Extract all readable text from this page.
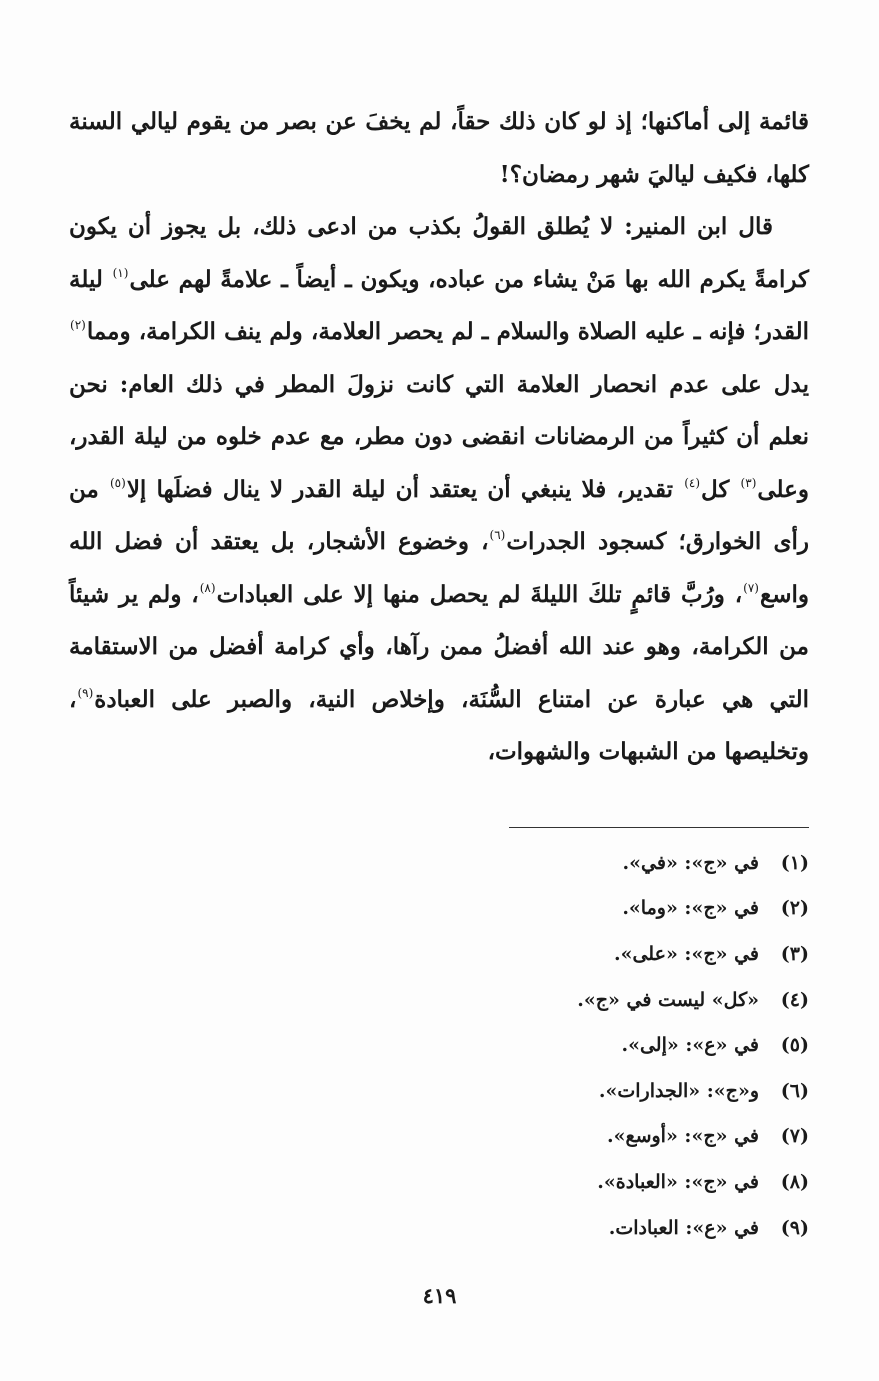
قائمة إلى أماكنها؛ إذ لو كان ذلك حقاً، لم يخفَ عن بصر من يقوم ليالي السنة كلها، فكيف لياليَ شهر رمضان؟!

قال ابن المنير: لا يُطلق القولُ بكذب من ادعى ذلك، بل يجوز أن يكون كرامةً يكرم الله بها مَنْ يشاء من عباده، ويكون ـ أيضاً ـ علامةً لهم على$^{(١)}$ ليلة القدر؛ فإنه ـ عليه الصلاة والسلام ـ لم يحصر العلامة، ولم ينف الكرامة، ومما$^{(٢)}$ يدل على عدم انحصار العلامة التي كانت نزولَ المطر في ذلك العام: نحن نعلم أن كثيراً من الرمضانات انقضى دون مطر، مع عدم خلوه من ليلة القدر، وعلى$^{(٣)}$ كل$^{(٤)}$ تقدير، فلا ينبغي أن يعتقد أن ليلة القدر لا ينال فضلَها إلا$^{(٥)}$ من رأى الخوارق؛ كسجود الجدرات$^{(٦)}$، وخضوع الأشجار، بل يعتقد أن فضل الله واسع$^{(٧)}$، ورُبَّ قائمٍ تلكَ الليلةَ لم يحصل منها إلا على العبادات$^{(٨)}$، ولم ير شيئاً من الكرامة، وهو عند الله أفضلُ ممن رآها، وأي كرامة أفضل من الاستقامة التي هي عبارة عن امتناع السُّنَة، وإخلاص النية، والصبر على العبادة$^{(٩)}$، وتخليصها من الشبهات والشهوات،

(١)
في «ج»: «في».
(٢)
في «ج»: «وما».
(٣)
في «ج»: «على».
(٤)
«كل» ليست في «ج».
(٥)
في «ع»: «إلى».
(٦)
و«ج»: «الجدارات».
(٧)
في «ج»: «أوسع».
(٨)
في «ج»: «العبادة».
(٩)
في «ع»: العبادات.
٤١٩
